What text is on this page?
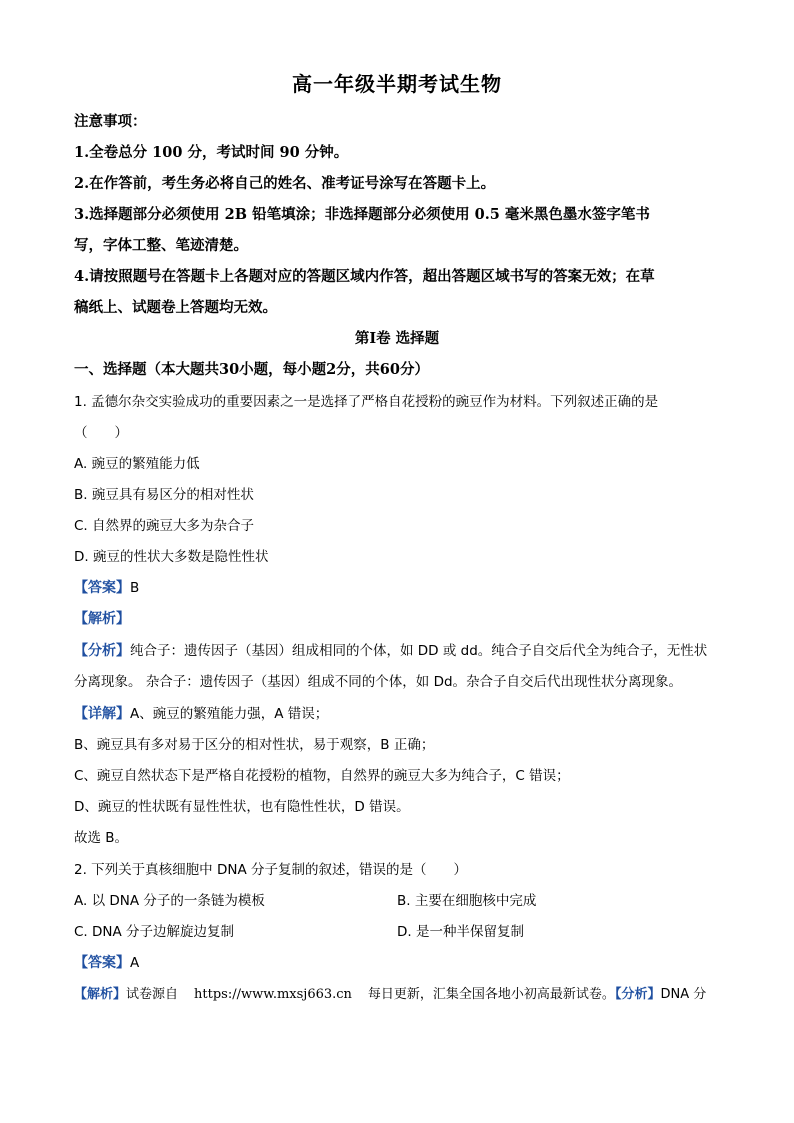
高一年级半期考试生物
注意事项：
1.全卷总分 100 分，考试时间 90 分钟。
2.在作答前，考生务必将自己的姓名、准考证号涂写在答题卡上。
3.选择题部分必须使用 2B 铅笔填涂；非选择题部分必须使用 0.5 毫米黑色墨水签字笔书
写，字体工整、笔迹清楚。
4.请按照题号在答题卡上各题对应的答题区域内作答，超出答题区域书写的答案无效；在草
稿纸上、试题卷上答题均无效。
第Ⅰ卷 选择题
一、选择题（本大题共30小题，每小题2分，共60分）
1. 孟德尔杂交实验成功的重要因素之一是选择了严格自花授粉的豌豆作为材料。下列叙述正确的是
（　　）
A. 豌豆的繁殖能力低
B. 豌豆具有易区分的相对性状
C. 自然界的豌豆大多为杂合子
D. 豌豆的性状大多数是隐性性状
【答案】B
【解析】
【分析】纯合子：遗传因子（基因）组成相同的个体，如 DD 或 dd。纯合子自交后代全为纯合子，无性状
分离现象。 杂合子：遗传因子（基因）组成不同的个体，如 Dd。杂合子自交后代出现性状分离现象。
【详解】A、豌豆的繁殖能力强，A 错误；
B、豌豆具有多对易于区分的相对性状，易于观察，B 正确；
C、豌豆自然状态下是严格自花授粉的植物，自然界的豌豆大多为纯合子，C 错误；
D、豌豆的性状既有显性性状，也有隐性性状，D 错误。
故选 B。
2. 下列关于真核细胞中 DNA 分子复制的叙述，错误的是（　　）
A. 以 DNA 分子的一条链为模板	B. 主要在细胞核中完成
C. DNA 分子边解旋边复制	D. 是一种半保留复制
【答案】A
【解析】试卷源自 https://www.mxsj663.cn 每日更新，汇集全国各地小初高最新试卷。【分析】DNA 分
